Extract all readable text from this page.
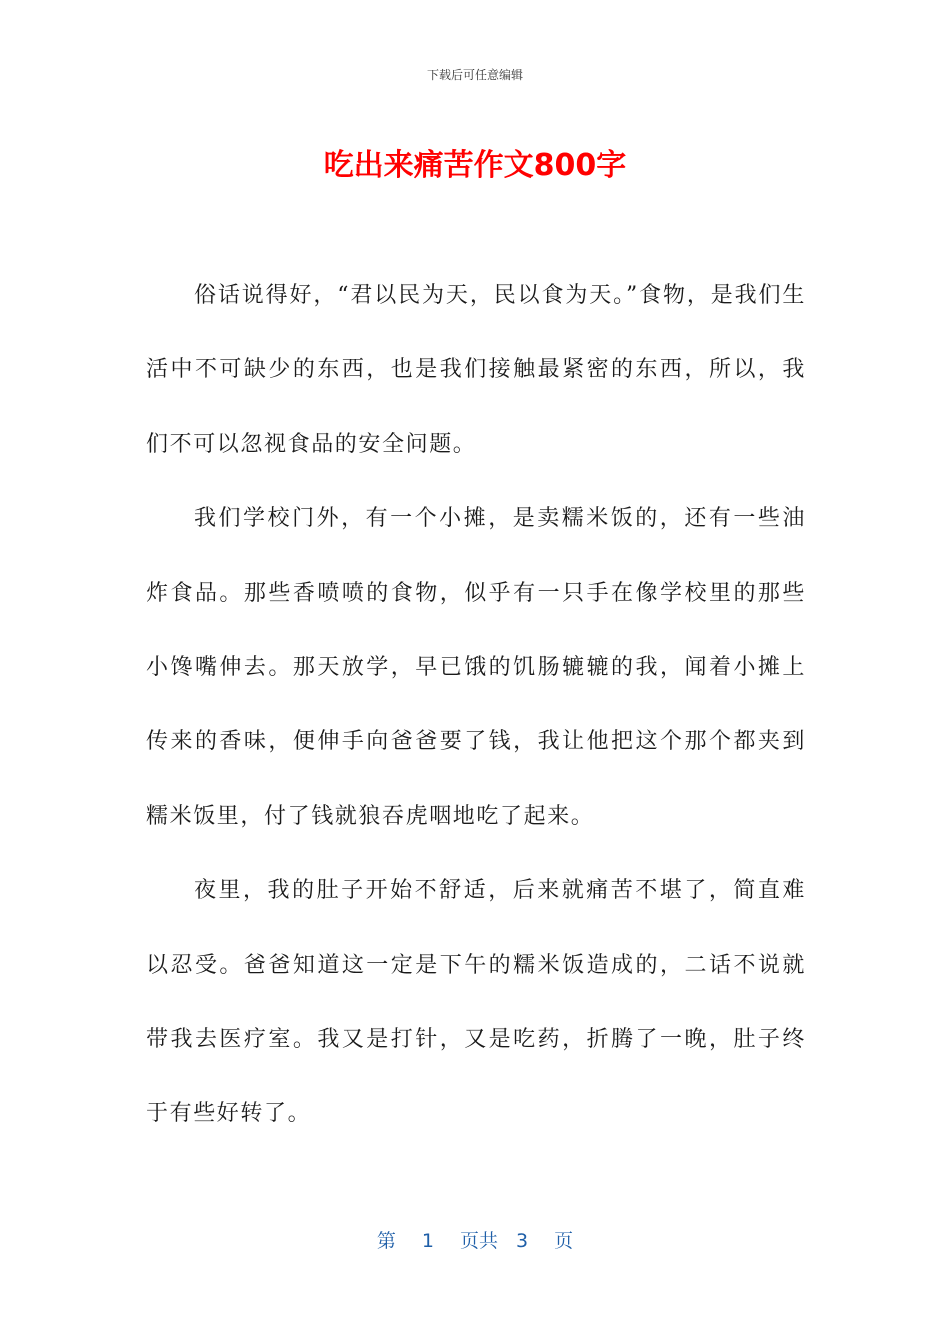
下载后可任意编辑
吃出来痛苦作文800字

俗话说得好，“君以民为天，民以食为天。”食物，是我们生活中不可缺少的东西，也是我们接触最紧密的东西，所以，我们不可以忽视食品的安全问题。

我们学校门外，有一个小摊，是卖糯米饭的，还有一些油炸食品。那些香喷喷的食物，似乎有一只手在像学校里的那些小馋嘴伸去。那天放学，早已饿的饥肠辘辘的我，闻着小摊上传来的香味，便伸手向爸爸要了钱，我让他把这个那个都夹到糯米饭里，付了钱就狼吞虎咽地吃了起来。

夜里，我的肚子开始不舒适，后来就痛苦不堪了，简直难以忍受。爸爸知道这一定是下午的糯米饭造成的，二话不说就带我去医疗室。我又是打针，又是吃药，折腾了一晚，肚子终于有些好转了。

第 1 页共 3 页
